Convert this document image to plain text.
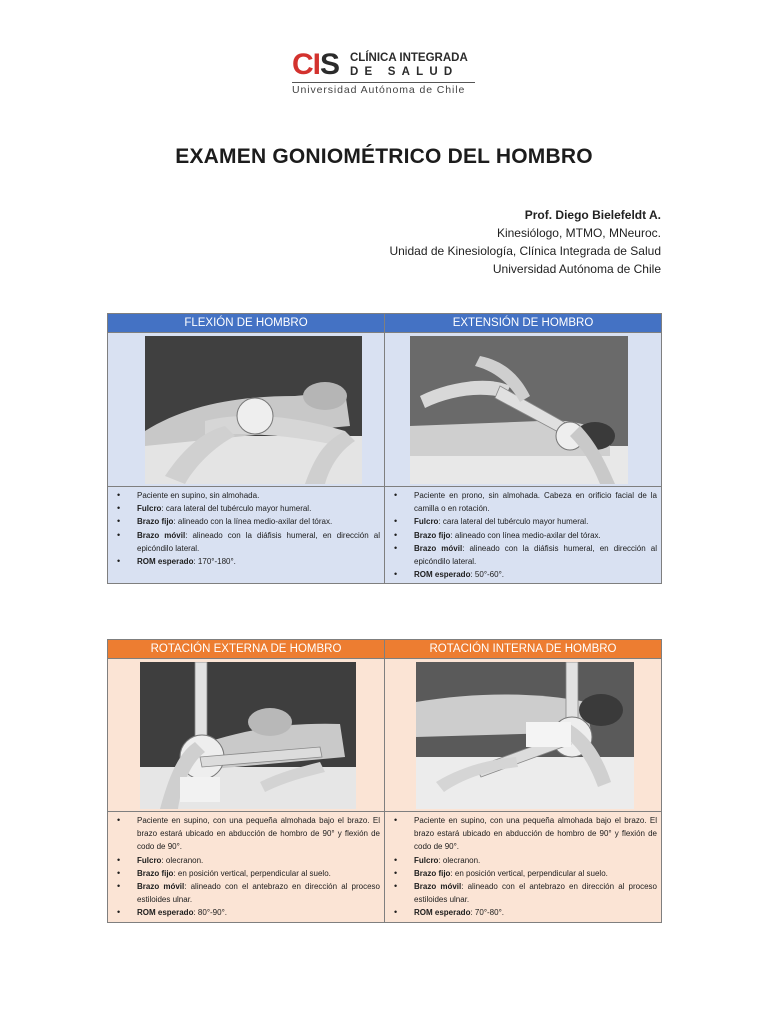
CIS CLÍNICA INTEGRADA
DE SALUD
Universidad Autónoma de Chile
EXAMEN GONIOMÉTRICO DEL HOMBRO
Prof. Diego Bielefeldt A.
Kinesiólogo, MTMO, MNeuroc.
Unidad de Kinesiología, Clínica Integrada de Salud
Universidad Autónoma de Chile
FLEXIÓN DE HOMBRO	EXTENSIÓN DE HOMBRO
• Paciente en supino, sin almohada.
• Fulcro: cara lateral del tubérculo mayor humeral.
• Brazo fijo: alineado con la línea medio-axilar del tórax.
• Brazo móvil: alineado con la diáfisis humeral, en dirección al epicóndilo lateral.
• ROM esperado: 170°-180°.
• Paciente en prono, sin almohada. Cabeza en orificio facial de la camilla o en rotación.
• Fulcro: cara lateral del tubérculo mayor humeral.
• Brazo fijo: alineado con línea medio-axilar del tórax.
• Brazo móvil: alineado con la diáfisis humeral, en dirección al epicóndilo lateral.
• ROM esperado: 50°-60°.
ROTACIÓN EXTERNA DE HOMBRO	ROTACIÓN INTERNA DE HOMBRO
• Paciente en supino, con una pequeña almohada bajo el brazo. El brazo estará ubicado en abducción de hombro de 90° y flexión de codo de 90°.
• Fulcro: olecranon.
• Brazo fijo: en posición vertical, perpendicular al suelo.
• Brazo móvil: alineado con el antebrazo en dirección al proceso estiloides ulnar.
• ROM esperado: 80°-90°.
• Paciente en supino, con una pequeña almohada bajo el brazo. El brazo estará ubicado en abducción de hombro de 90° y flexión de codo de 90°.
• Fulcro: olecranon.
• Brazo fijo: en posición vertical, perpendicular al suelo.
• Brazo móvil: alineado con el antebrazo en dirección al proceso estiloides ulnar.
• ROM esperado: 70°-80°.
